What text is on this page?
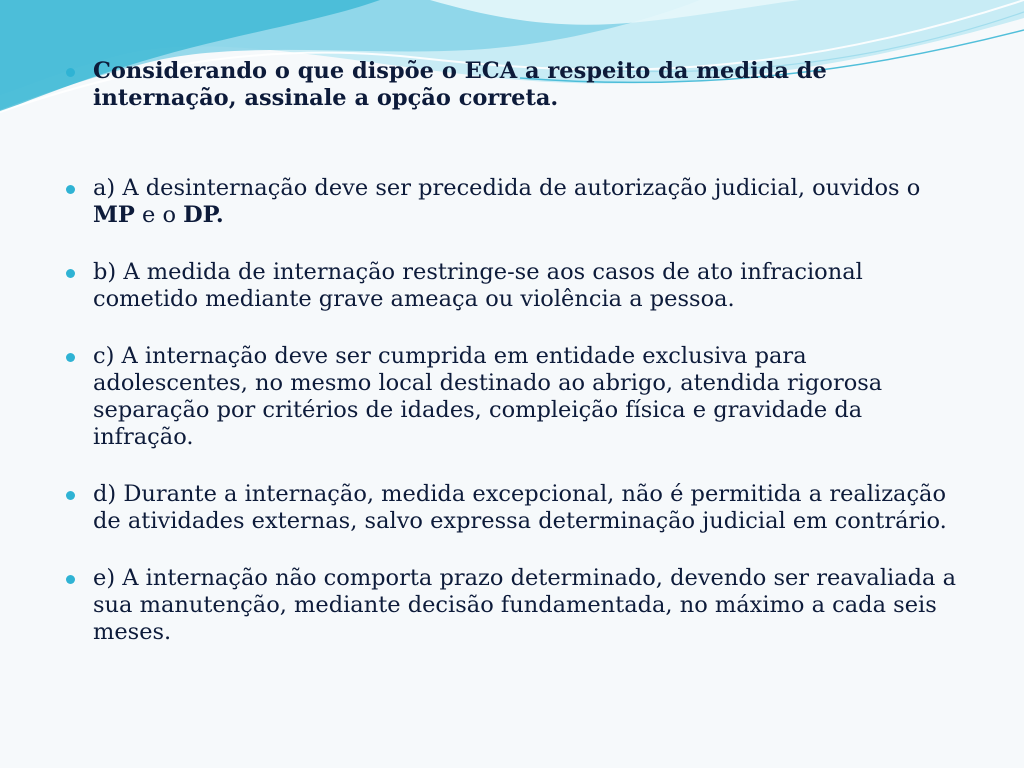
Considerando o que dispõe o ECA a respeito da medida de internação, assinale a opção correta.
a) A desinternação deve ser precedida de autorização judicial, ouvidos o MP e o DP.
b) A medida de internação restringe-se aos casos de ato infracional cometido mediante grave ameaça ou violência a pessoa.
c) A internação deve ser cumprida em entidade exclusiva para adolescentes, no mesmo local destinado ao abrigo, atendida rigorosa separação por critérios de idades, compleição física e gravidade da infração.
d) Durante a internação, medida excepcional, não é permitida a realização de atividades externas, salvo expressa determinação judicial em contrário.
e) A internação não comporta prazo determinado, devendo ser reavaliada a sua manutenção, mediante decisão fundamentada, no máximo a cada seis meses.
